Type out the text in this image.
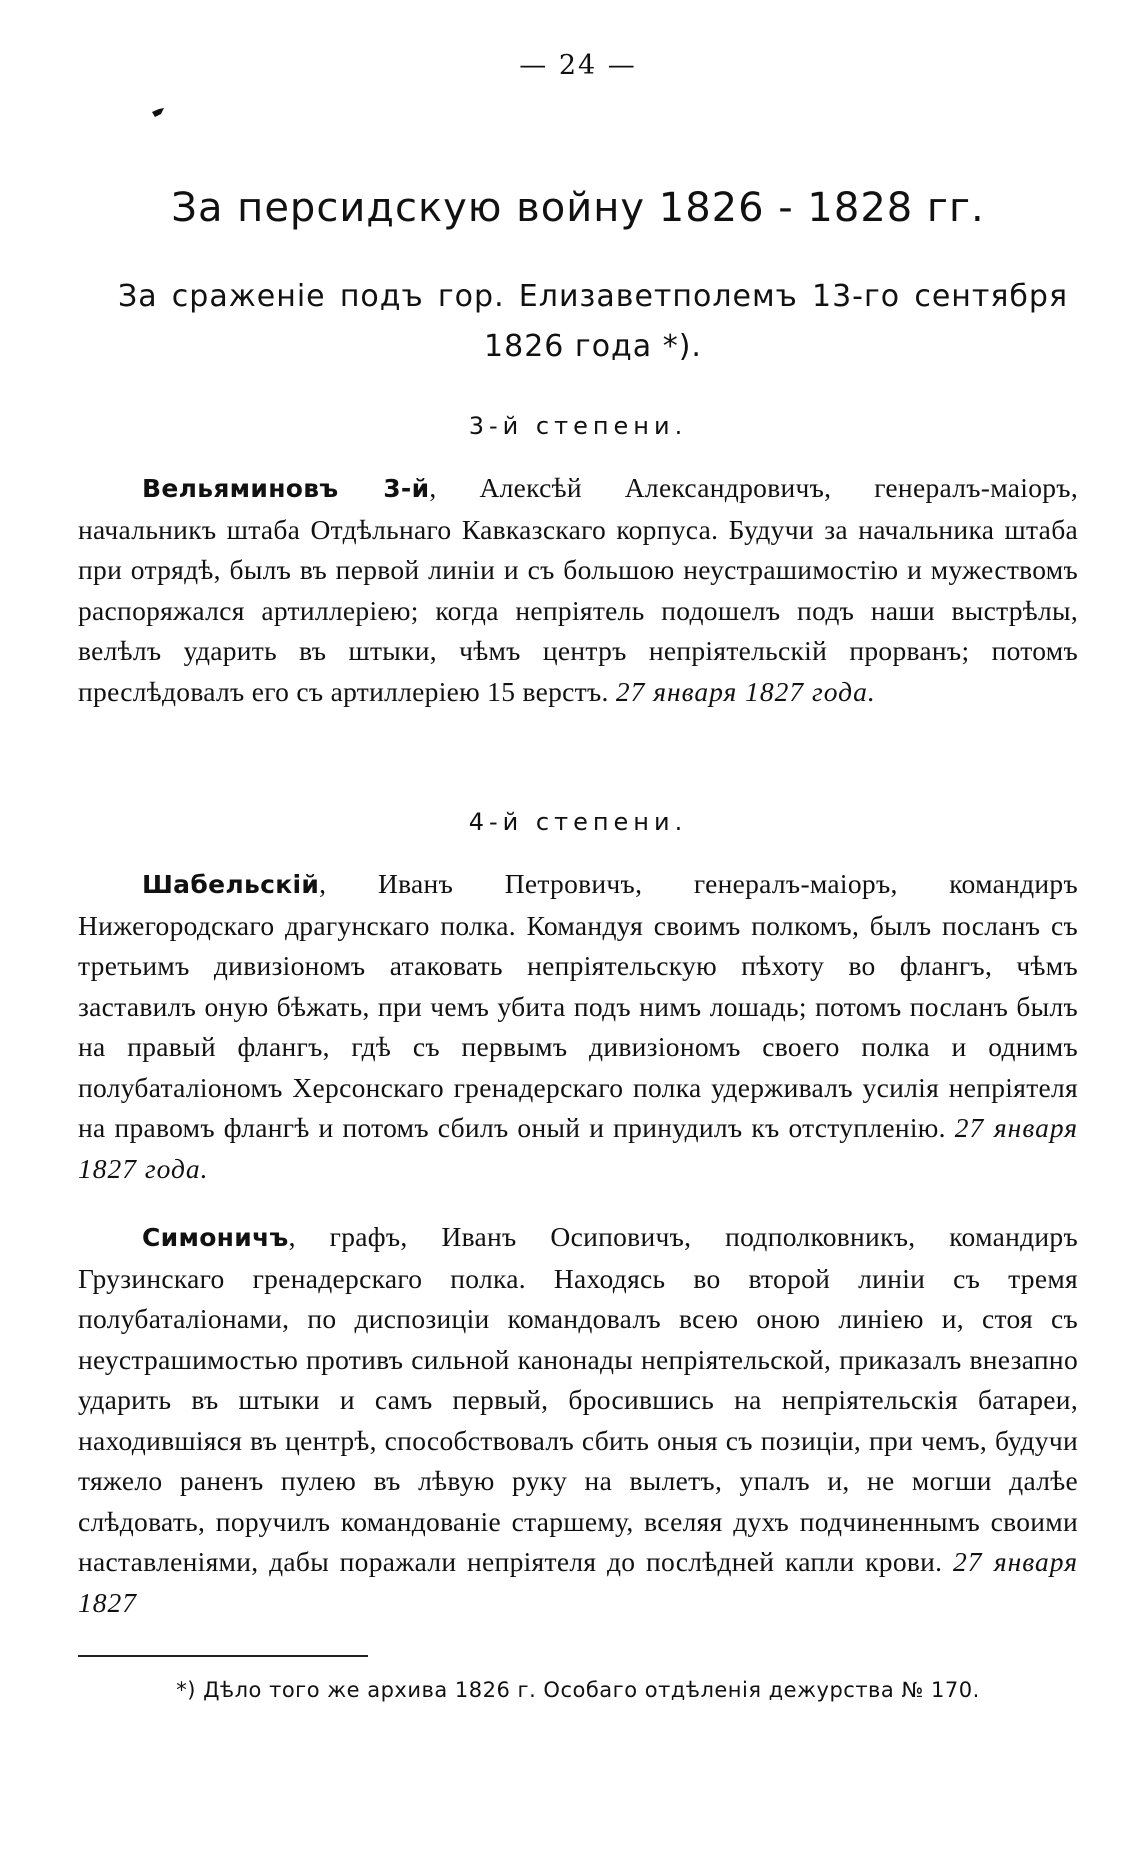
— 24 —
За персидскую войну 1826 - 1828 гг.
За сраженіе подъ гор. Елизаветполемъ 13-го сентября 1826 года *).
3-й степени.

Вельяминовъ 3-й, Алексѣй Александровичъ, генералъ-маіоръ, начальникъ штаба Отдѣльнаго Кавказскаго корпуса. Будучи за начальника штаба при отрядѣ, былъ въ первой линіи и съ большою неустрашимостію и мужествомъ распоряжался артиллеріею; когда непріятель подошелъ подъ наши выстрѣлы, велѣлъ ударить въ штыки, чѣмъ центръ непріятельскій прорванъ; потомъ преслѣдовалъ его съ артиллеріею 15 верстъ. 27 января 1827 года.

4-й степени.

Шабельскій, Иванъ Петровичъ, генералъ-маіоръ, командиръ Нижегородскаго драгунскаго полка. Командуя своимъ полкомъ, былъ посланъ съ третьимъ дивизіономъ атаковать непріятельскую пѣхоту во флангъ, чѣмъ заставилъ оную бѣжать, при чемъ убита подъ нимъ лошадь; потомъ посланъ былъ на правый флангъ, гдѣ съ первымъ дивизіономъ своего полка и однимъ полубаталіономъ Херсонскаго гренадерскаго полка удерживалъ усилія непріятеля на правомъ флангѣ и потомъ сбилъ оный и принудилъ къ отступленію. 27 января 1827 года.

Симоничъ, графъ, Иванъ Осиповичъ, подполковникъ, командиръ Грузинскаго гренадерскаго полка. Находясь во второй линіи съ тремя полубаталіонами, по диспозиціи командовалъ всею оною линіею и, стоя съ неустрашимостью противъ сильной канонады непріятельской, приказалъ внезапно ударить въ штыки и самъ первый, бросившись на непріятельскія батареи, находившіяся въ центрѣ, способствовалъ сбить оныя съ позиціи, при чемъ, будучи тяжело раненъ пулею въ лѣвую руку на вылетъ, упалъ и, не могши далѣе слѣдовать, поручилъ командованіе старшему, вселяя духъ подчиненнымъ своими наставленіями, дабы поражали непріятеля до послѣдней капли крови. 27 января 1827

*) Дѣло того же архива 1826 г. Особаго отдѣленія дежурства № 170.
